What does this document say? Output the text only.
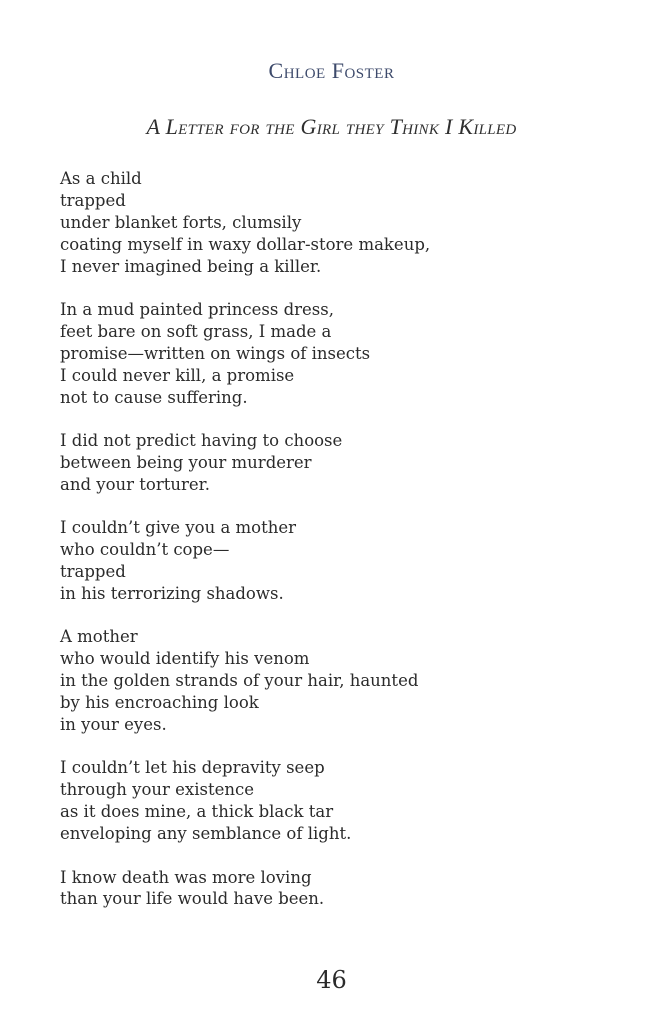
Chloe Foster
A Letter for the Girl they Think I Killed
As a child
trapped
under blanket forts, clumsily
coating myself in waxy dollar-store makeup,
I never imagined being a killer.
In a mud painted princess dress,
feet bare on soft grass, I made a
promise—written on wings of insects
I could never kill, a promise
not to cause suffering.
I did not predict having to choose
between being your murderer
and your torturer.
I couldn’t give you a mother
who couldn’t cope—
trapped
in his terrorizing shadows.
A mother
who would identify his venom
in the golden strands of your hair, haunted
by his encroaching look
in your eyes.
I couldn’t let his depravity seep
through your existence
as it does mine, a thick black tar
enveloping any semblance of light.
I know death was more loving
than your life would have been.
46
